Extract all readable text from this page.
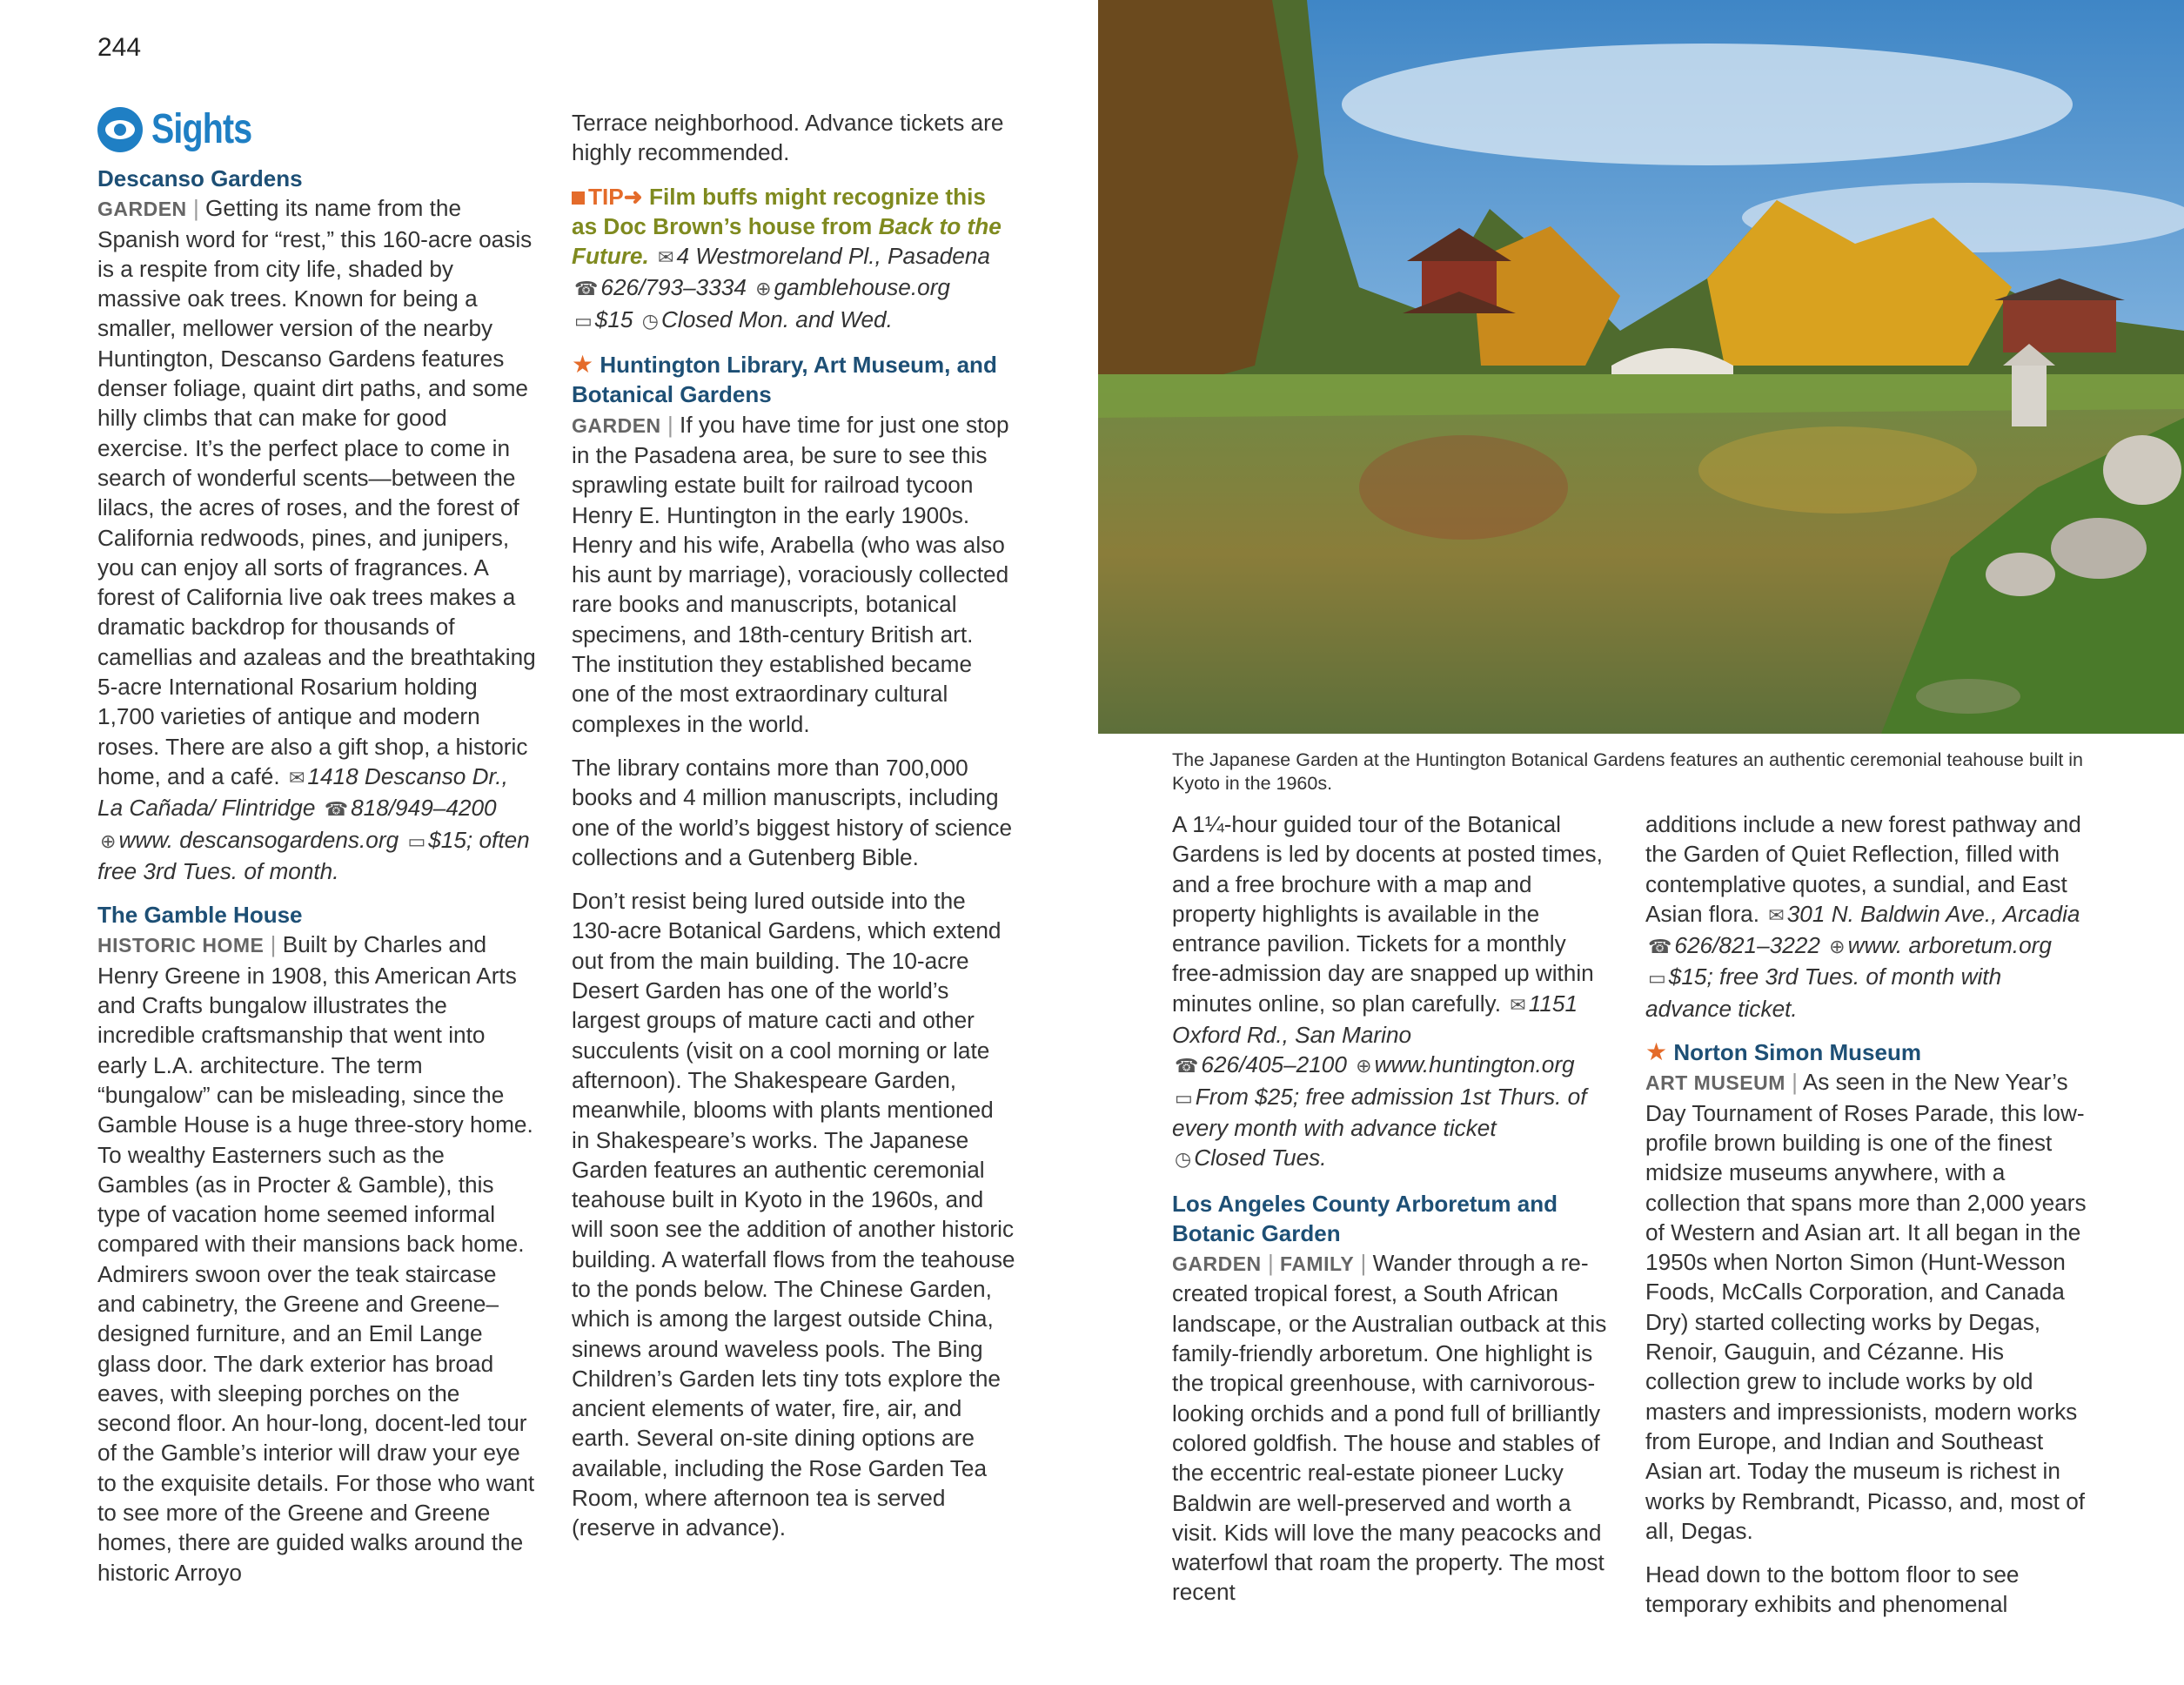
244
Sights

Descanso Gardens
GARDEN | Getting its name from the Spanish word for “rest,” this 160-acre oasis is a respite from city life, shaded by massive oak trees. Known for being a smaller, mellower version of the nearby Huntington, Descanso Gardens features denser foliage, quaint dirt paths, and some hilly climbs that can make for good exercise. It’s the perfect place to come in search of wonderful scents—between the lilacs, the acres of roses, and the forest of California redwoods, pines, and junipers, you can enjoy all sorts of fragrances. A forest of California live oak trees makes a dramatic backdrop for thousands of camellias and azaleas and the breathtaking 5-acre International Rosarium holding 1,700 varieties of antique and modern roses. There are also a gift shop, a historic home, and a café. ✉ 1418 Descanso Dr., La Cañada/ Flintridge ☎ 818/949–4200 ⊕ www. descansogardens.org ▭ $15; often free 3rd Tues. of month.

The Gamble House
HISTORIC HOME | Built by Charles and Henry Greene in 1908, this American Arts and Crafts bungalow illustrates the incredible craftsmanship that went into early L.A. architecture. The term “bungalow” can be misleading, since the Gamble House is a huge three-story home. To wealthy Easterners such as the Gambles (as in Procter & Gamble), this type of vacation home seemed informal compared with their mansions back home. Admirers swoon over the teak staircase and cabinetry, the Greene and Greene–designed furniture, and an Emil Lange glass door. The dark exterior has broad eaves, with sleeping porches on the second floor. An hour-long, docent-led tour of the Gamble’s interior will draw your eye to the exquisite details. For those who want to see more of the Greene and Greene homes, there are guided walks around the historic Arroyo

Terrace neighborhood. Advance tickets are highly recommended.

TIP➜ Film buffs might recognize this as Doc Brown’s house from Back to the Future. ✉ 4 Westmoreland Pl., Pasadena
☎ 626/793–3334 ⊕ gamblehouse.org
▭ $15 ◷ Closed Mon. and Wed.

★ Huntington Library, Art Museum, and Botanical Gardens
GARDEN | If you have time for just one stop in the Pasadena area, be sure to see this sprawling estate built for railroad tycoon Henry E. Huntington in the early 1900s. Henry and his wife, Arabella (who was also his aunt by marriage), voraciously collected rare books and manuscripts, botanical specimens, and 18th-century British art. The institution they established became one of the most extraordinary cultural complexes in the world.

The library contains more than 700,000 books and 4 million manuscripts, including one of the world’s biggest history of science collections and a Gutenberg Bible.

Don’t resist being lured outside into the 130-acre Botanical Gardens, which extend out from the main building. The 10-acre Desert Garden has one of the world’s largest groups of mature cacti and other succulents (visit on a cool morning or late afternoon). The Shakespeare Garden, meanwhile, blooms with plants mentioned in Shakespeare’s works. The Japanese Garden features an authentic ceremonial teahouse built in Kyoto in the 1960s, and will soon see the addition of another historic building. A waterfall flows from the teahouse to the ponds below. The Chinese Garden, which is among the largest outside China, sinews around waveless pools. The Bing Children’s Garden lets tiny tots explore the ancient elements of water, fire, air, and earth. Several on-site dining options are available, including the Rose Garden Tea Room, where afternoon tea is served (reserve in advance).

The Japanese Garden at the Huntington Botanical Gardens features an authentic ceremonial teahouse built in Kyoto in the 1960s.

A 1¼-hour guided tour of the Botanical Gardens is led by docents at posted times, and a free brochure with a map and property highlights is available in the entrance pavilion. Tickets for a monthly free-admission day are snapped up within minutes online, so plan carefully. ✉ 1151 Oxford Rd., San Marino
☎ 626/405–2100 ⊕ www.huntington.org
▭ From $25; free admission 1st Thurs. of every month with advance ticket
◷ Closed Tues.

Los Angeles County Arboretum and Botanic Garden
GARDEN | FAMILY | Wander through a re-created tropical forest, a South African landscape, or the Australian outback at this family-friendly arboretum. One highlight is the tropical greenhouse, with carnivorous-looking orchids and a pond full of brilliantly colored goldfish. The house and stables of the eccentric real-estate pioneer Lucky Baldwin are well-preserved and worth a visit. Kids will love the many peacocks and waterfowl that roam the property. The most recent

additions include a new forest pathway and the Garden of Quiet Reflection, filled with contemplative quotes, a sundial, and East Asian flora. ✉ 301 N. Baldwin Ave., Arcadia ☎ 626/821–3222 ⊕ www. arboretum.org ▭ $15; free 3rd Tues. of month with advance ticket.

★ Norton Simon Museum
ART MUSEUM | As seen in the New Year’s Day Tournament of Roses Parade, this low-profile brown building is one of the finest midsize museums anywhere, with a collection that spans more than 2,000 years of Western and Asian art. It all began in the 1950s when Norton Simon (Hunt-Wesson Foods, McCalls Corporation, and Canada Dry) started collecting works by Degas, Renoir, Gauguin, and Cézanne. His collection grew to include works by old masters and impressionists, modern works from Europe, and Indian and Southeast Asian art. Today the museum is richest in works by Rembrandt, Picasso, and, most of all, Degas.

Head down to the bottom floor to see temporary exhibits and phenomenal
